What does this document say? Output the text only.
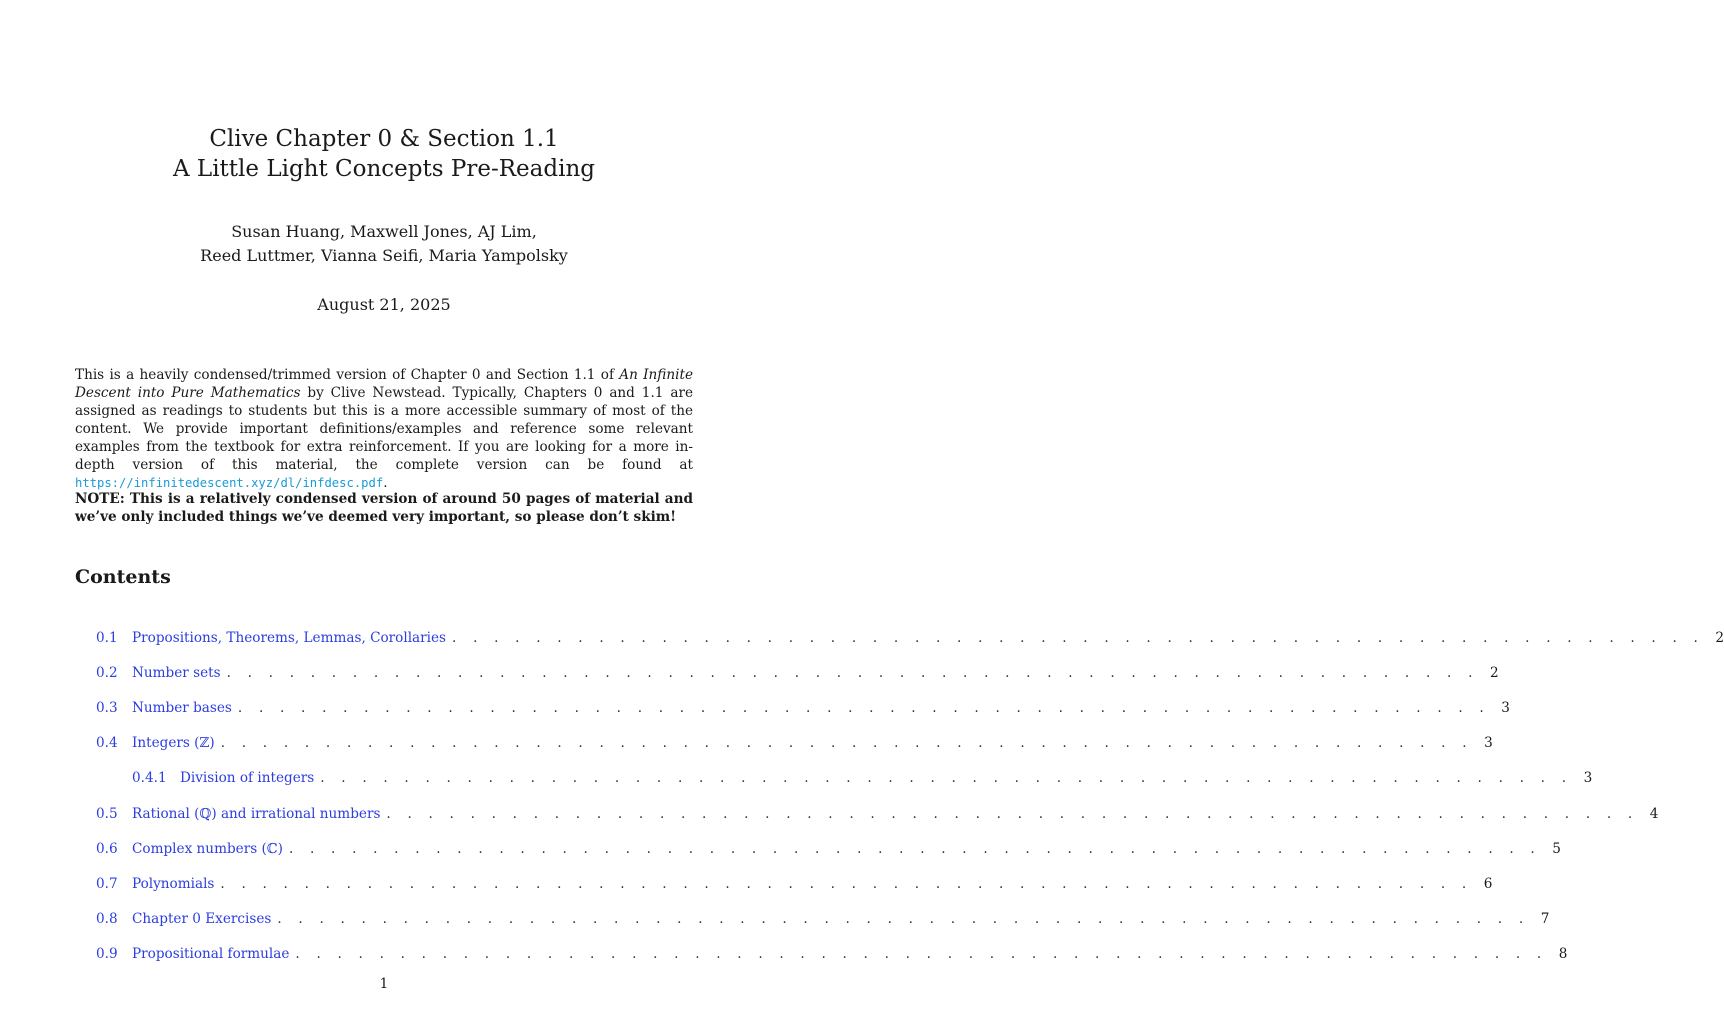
Clive Chapter 0 & Section 1.1
A Little Light Concepts Pre-Reading
Susan Huang, Maxwell Jones, AJ Lim,
Reed Luttmer, Vianna Seifi, Maria Yampolsky
August 21, 2025
This is a heavily condensed/trimmed version of Chapter 0 and Section 1.1 of An Infinite Descent into Pure Mathematics by Clive Newstead. Typically, Chapters 0 and 1.1 are assigned as readings to students but this is a more accessible summary of most of the content. We provide important definitions/examples and reference some relevant examples from the textbook for extra reinforcement. If you are looking for a more in-depth version of this material, the complete version can be found at https://infinitedescent.xyz/dl/infdesc.pdf.
NOTE: This is a relatively condensed version of around 50 pages of material and we’ve only included things we’ve deemed very important, so please don’t skim!
Contents
0.1	Propositions, Theorems, Lemmas, Corollaries . . . . . . . . . . . . . . . . . . . . . . . . . . . . . . . . . . . . . . . . . . . . . . . . . . . . . . . . . . . . 2
0.2	Number sets . . . . . . . . . . . . . . . . . . . . . . . . . . . . . . . . . . . . . . . . . . . . . . . . . . . . . . . . . . . . 2
0.3	Number bases . . . . . . . . . . . . . . . . . . . . . . . . . . . . . . . . . . . . . . . . . . . . . . . . . . . . . . . . . . . . 3
0.4	Integers (ℤ) . . . . . . . . . . . . . . . . . . . . . . . . . . . . . . . . . . . . . . . . . . . . . . . . . . . . . . . . . . . . 3
0.4.1 Division of integers . . . . . . . . . . . . . . . . . . . . . . . . . . . . . . . . . . . . . . . . . . . . . . . . . . . . . . . . . . . . 3
0.5	Rational (ℚ) and irrational numbers . . . . . . . . . . . . . . . . . . . . . . . . . . . . . . . . . . . . . . . . . . . . . . . . . . . . . . . . . . . . 4
0.6	Complex numbers (ℂ) . . . . . . . . . . . . . . . . . . . . . . . . . . . . . . . . . . . . . . . . . . . . . . . . . . . . . . . . . . . . 5
0.7	Polynomials . . . . . . . . . . . . . . . . . . . . . . . . . . . . . . . . . . . . . . . . . . . . . . . . . . . . . . . . . . . . 6
0.8	Chapter 0 Exercises . . . . . . . . . . . . . . . . . . . . . . . . . . . . . . . . . . . . . . . . . . . . . . . . . . . . . . . . . . . . 7
0.9	Propositional formulae . . . . . . . . . . . . . . . . . . . . . . . . . . . . . . . . . . . . . . . . . . . . . . . . . . . . . . . . . . . . 8
1
